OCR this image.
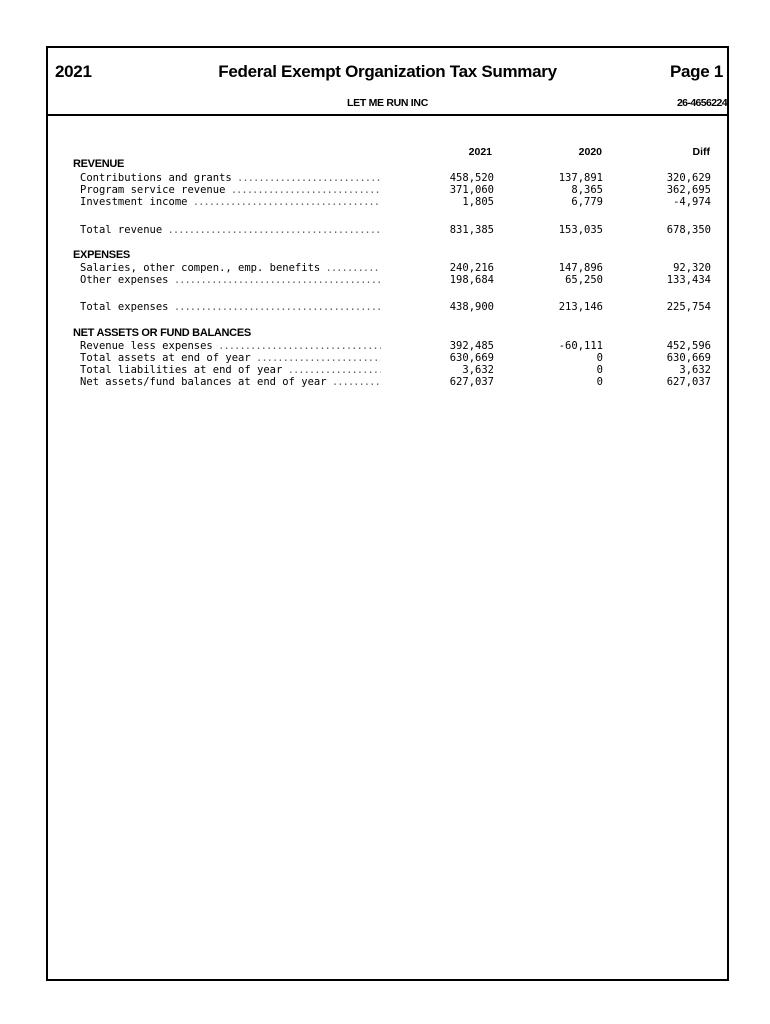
2021	Federal Exempt Organization Tax Summary	Page 1
LET ME RUN INC	26-4656224
2021	2020	Diff
REVENUE
Contributions and grants .....	458,520	137,891	320,629
Program service revenue .....	371,060	8,365	362,695
Investment income .....	1,805	6,779	-4,974
Total revenue .....	831,385	153,035	678,350
EXPENSES
Salaries, other compen., emp. benefits .....	240,216	147,896	92,320
Other expenses .....	198,684	65,250	133,434
Total expenses .....	438,900	213,146	225,754
NET ASSETS OR FUND BALANCES
Revenue less expenses .....	392,485	-60,111	452,596
Total assets at end of year .....	630,669	0	630,669
Total liabilities at end of year .....	3,632	0	3,632
Net assets/fund balances at end of year .....	627,037	0	627,037
